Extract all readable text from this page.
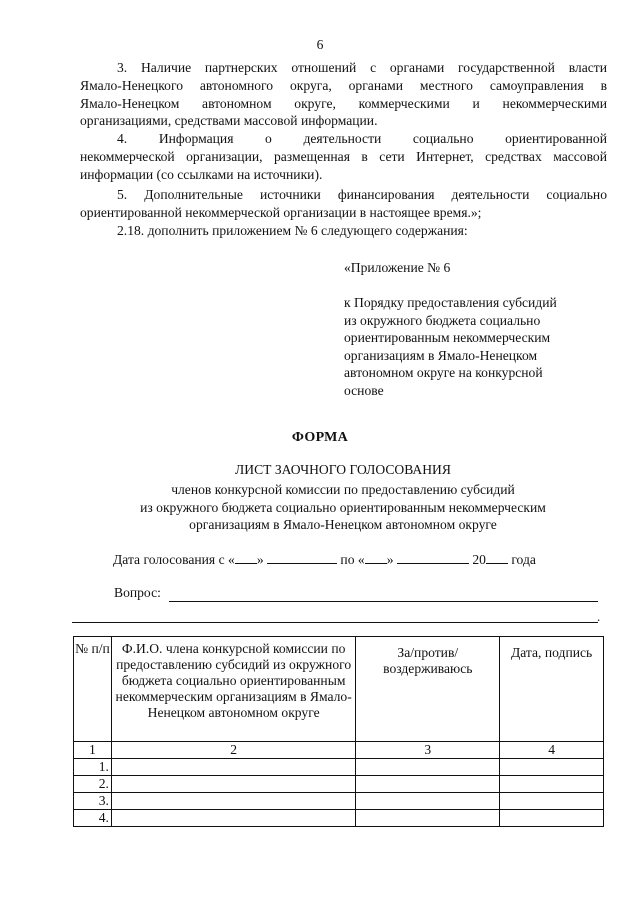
6
3. Наличие партнерских отношений с органами государственной власти
Ямало-Ненецкого автономного округа, органами местного самоуправления в
Ямало-Ненецком автономном округе, коммерческими и некоммерческими
организациями, средствами массовой информации.
4. Информация о деятельности социально ориентированной
некоммерческой организации, размещенная в сети Интернет, средствах массовой
информации (со ссылками на источники).
5. Дополнительные источники финансирования деятельности социально
ориентированной некоммерческой организации в настоящее время.»;
2.18. дополнить приложением № 6 следующего содержания:
«Приложение № 6
к Порядку предоставления субсидий
из окружного бюджета социально
ориентированным некоммерческим
организациям в Ямало-Ненецком
автономном округе на конкурсной
основе
ФОРМА
ЛИСТ ЗАОЧНОГО ГОЛОСОВАНИЯ
членов конкурсной комиссии по предоставлению субсидий
из окружного бюджета социально ориентированным некоммерческим
организациям в Ямало-Ненецком автономном округе
Дата голосования с « »	по « »	20 года
Вопрос:
.
№ п/п	Ф.И.О. члена конкурсной комиссии по предоставлению субсидий из окружного бюджета социально ориентированным некоммерческим организациям в Ямало-Ненецком автономном округе	За/против/ воздерживаюсь	Дата, подпись
1	2	3	4
1.			
2.			
3.			
4.			
